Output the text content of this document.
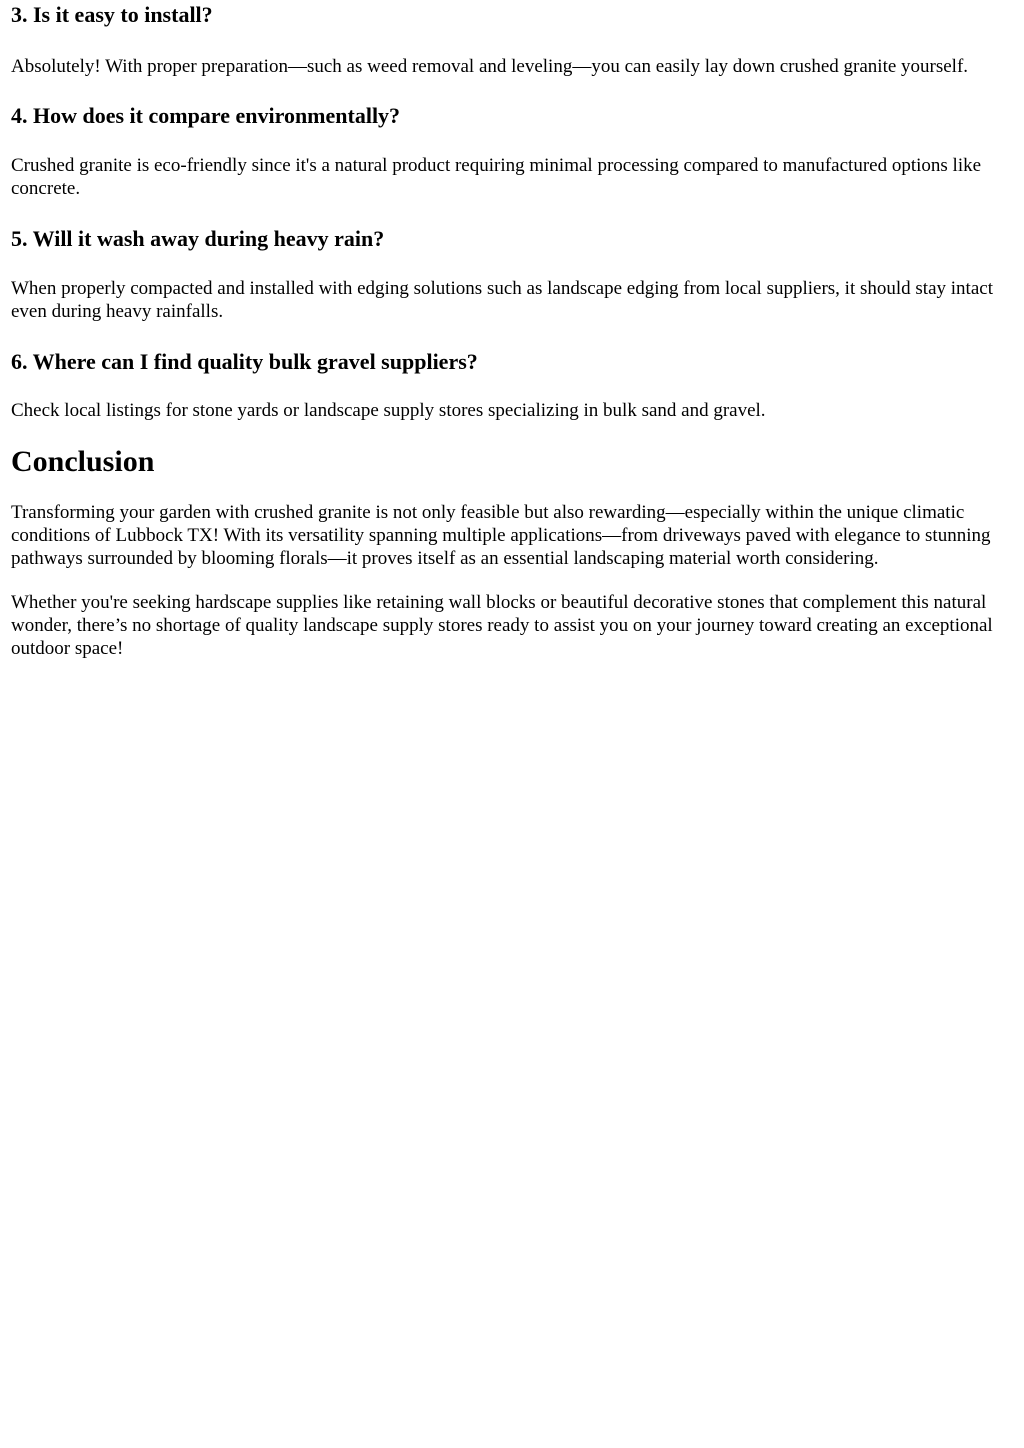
3. Is it easy to install?

Absolutely! With proper preparation—such as weed removal and leveling—you can easily lay down crushed granite yourself.

4. How does it compare environmentally?

Crushed granite is eco-friendly since it's a natural product requiring minimal processing compared to manufactured options like concrete.

5. Will it wash away during heavy rain?

When properly compacted and installed with edging solutions such as landscape edging from local suppliers, it should stay intact even during heavy rainfalls.

6. Where can I find quality bulk gravel suppliers?

Check local listings for stone yards or landscape supply stores specializing in bulk sand and gravel.

Conclusion

Transforming your garden with crushed granite is not only feasible but also rewarding—especially within the unique climatic conditions of Lubbock TX! With its versatility spanning multiple applications—from driveways paved with elegance to stunning pathways surrounded by blooming florals—it proves itself as an essential landscaping material worth considering.

Whether you're seeking hardscape supplies like retaining wall blocks or beautiful decorative stones that complement this natural wonder, there’s no shortage of quality landscape supply stores ready to assist you on your journey toward creating an exceptional outdoor space!
